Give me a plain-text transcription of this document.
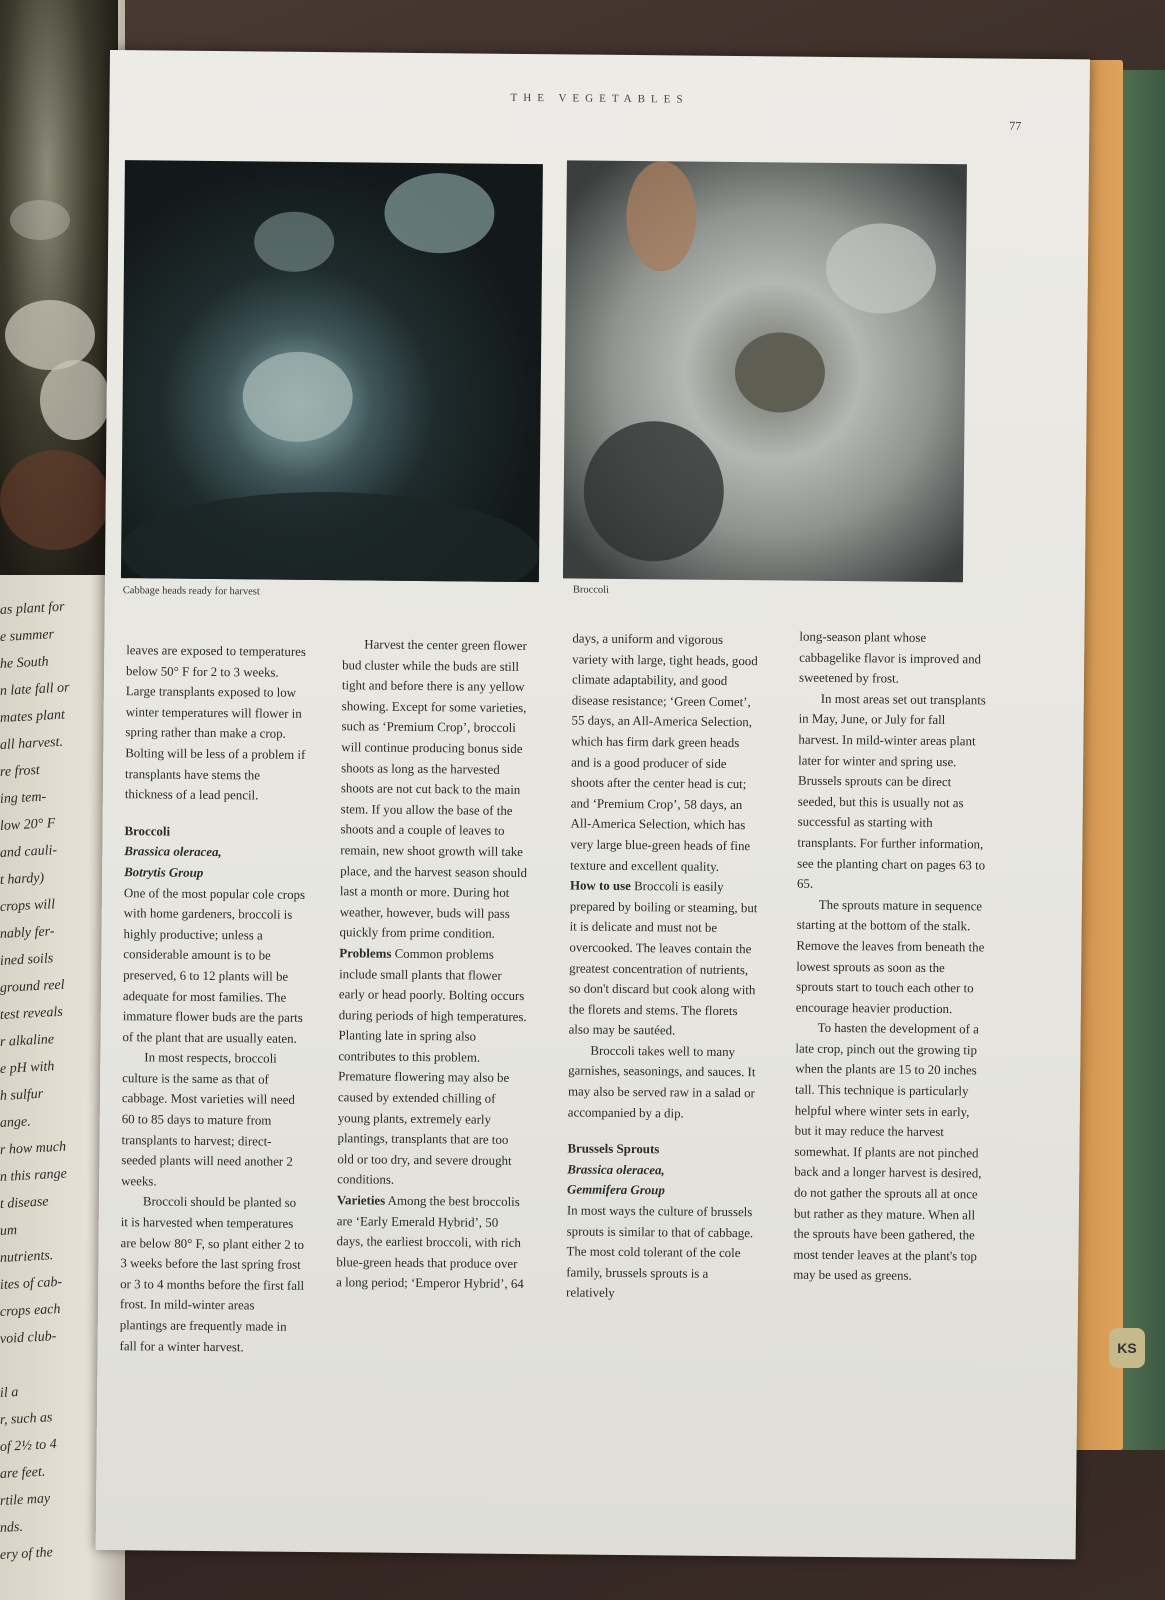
KS
as plant for
e summer
he South
n late fall or
mates plant
all harvest.
re frost
ing tem-
low 20° F
and cauli-
t hardy)
crops will
nably fer-
ined soils
ground reel
test reveals
r alkaline
e pH with
h sulfur
ange.
r how much
n this range
t disease
um
nutrients.
ites of cab-
crops each
void club-
il a
r, such as
of 2½ to 4
are feet.
rtile may
nds.
ery of the
THE VEGETABLES
77
Cabbage heads ready for harvest	Broccoli

leaves are exposed to temperatures below 50° F for 2 to 3 weeks. Large transplants exposed to low winter temperatures will flower in spring rather than make a crop. Bolting will be less of a problem if transplants have stems the thickness of a lead pencil.

Broccoli

Brassica oleracea,

Botrytis Group

One of the most popular cole crops with home gardeners, broccoli is highly productive; unless a considerable amount is to be preserved, 6 to 12 plants will be adequate for most families. The immature flower buds are the parts of the plant that are usually eaten.

In most respects, broccoli culture is the same as that of cabbage. Most varieties will need 60 to 85 days to mature from transplants to harvest; direct-seeded plants will need another 2 weeks.

Broccoli should be planted so it is harvested when temperatures are below 80° F, so plant either 2 to 3 weeks before the last spring frost or 3 to 4 months before the first fall frost. In mild-winter areas plantings are frequently made in fall for a winter harvest.

Harvest the center green flower bud cluster while the buds are still tight and before there is any yellow showing. Except for some varieties, such as ‘Premium Crop’, broccoli will continue producing bonus side shoots as long as the harvested shoots are not cut back to the main stem. If you allow the base of the shoots and a couple of leaves to remain, new shoot growth will take place, and the harvest season should last a month or more. During hot weather, however, buds will pass quickly from prime condition.

Problems Common problems include small plants that flower early or head poorly. Bolting occurs during periods of high temperatures. Planting late in spring also contributes to this problem. Premature flowering may also be caused by extended chilling of young plants, extremely early plantings, transplants that are too old or too dry, and severe drought conditions.

Varieties Among the best broccolis are ‘Early Emerald Hybrid’, 50 days, the earliest broccoli, with rich blue-green heads that produce over a long period; ‘Emperor Hybrid’, 64

days, a uniform and vigorous variety with large, tight heads, good climate adaptability, and good disease resistance; ‘Green Comet’, 55 days, an All-America Selection, which has firm dark green heads and is a good producer of side shoots after the center head is cut; and ‘Premium Crop’, 58 days, an All-America Selection, which has very large blue-green heads of fine texture and excellent quality.

How to use Broccoli is easily prepared by boiling or steaming, but it is delicate and must not be overcooked. The leaves contain the greatest concentration of nutrients, so don't discard but cook along with the florets and stems. The florets also may be sautéed.

Broccoli takes well to many garnishes, seasonings, and sauces. It may also be served raw in a salad or accompanied by a dip.

Brussels Sprouts

Brassica oleracea,

Gemmifera Group

In most ways the culture of brussels sprouts is similar to that of cabbage. The most cold tolerant of the cole family, brussels sprouts is a relatively

long-season plant whose cabbagelike flavor is improved and sweetened by frost.

In most areas set out transplants in May, June, or July for fall harvest. In mild-winter areas plant later for winter and spring use. Brussels sprouts can be direct seeded, but this is usually not as successful as starting with transplants. For further information, see the planting chart on pages 63 to 65.

The sprouts mature in sequence starting at the bottom of the stalk. Remove the leaves from beneath the lowest sprouts as soon as the sprouts start to touch each other to encourage heavier production.

To hasten the development of a late crop, pinch out the growing tip when the plants are 15 to 20 inches tall. This technique is particularly helpful where winter sets in early, but it may reduce the harvest somewhat. If plants are not pinched back and a longer harvest is desired, do not gather the sprouts all at once but rather as they mature. When all the sprouts have been gathered, the most tender leaves at the plant's top may be used as greens.
